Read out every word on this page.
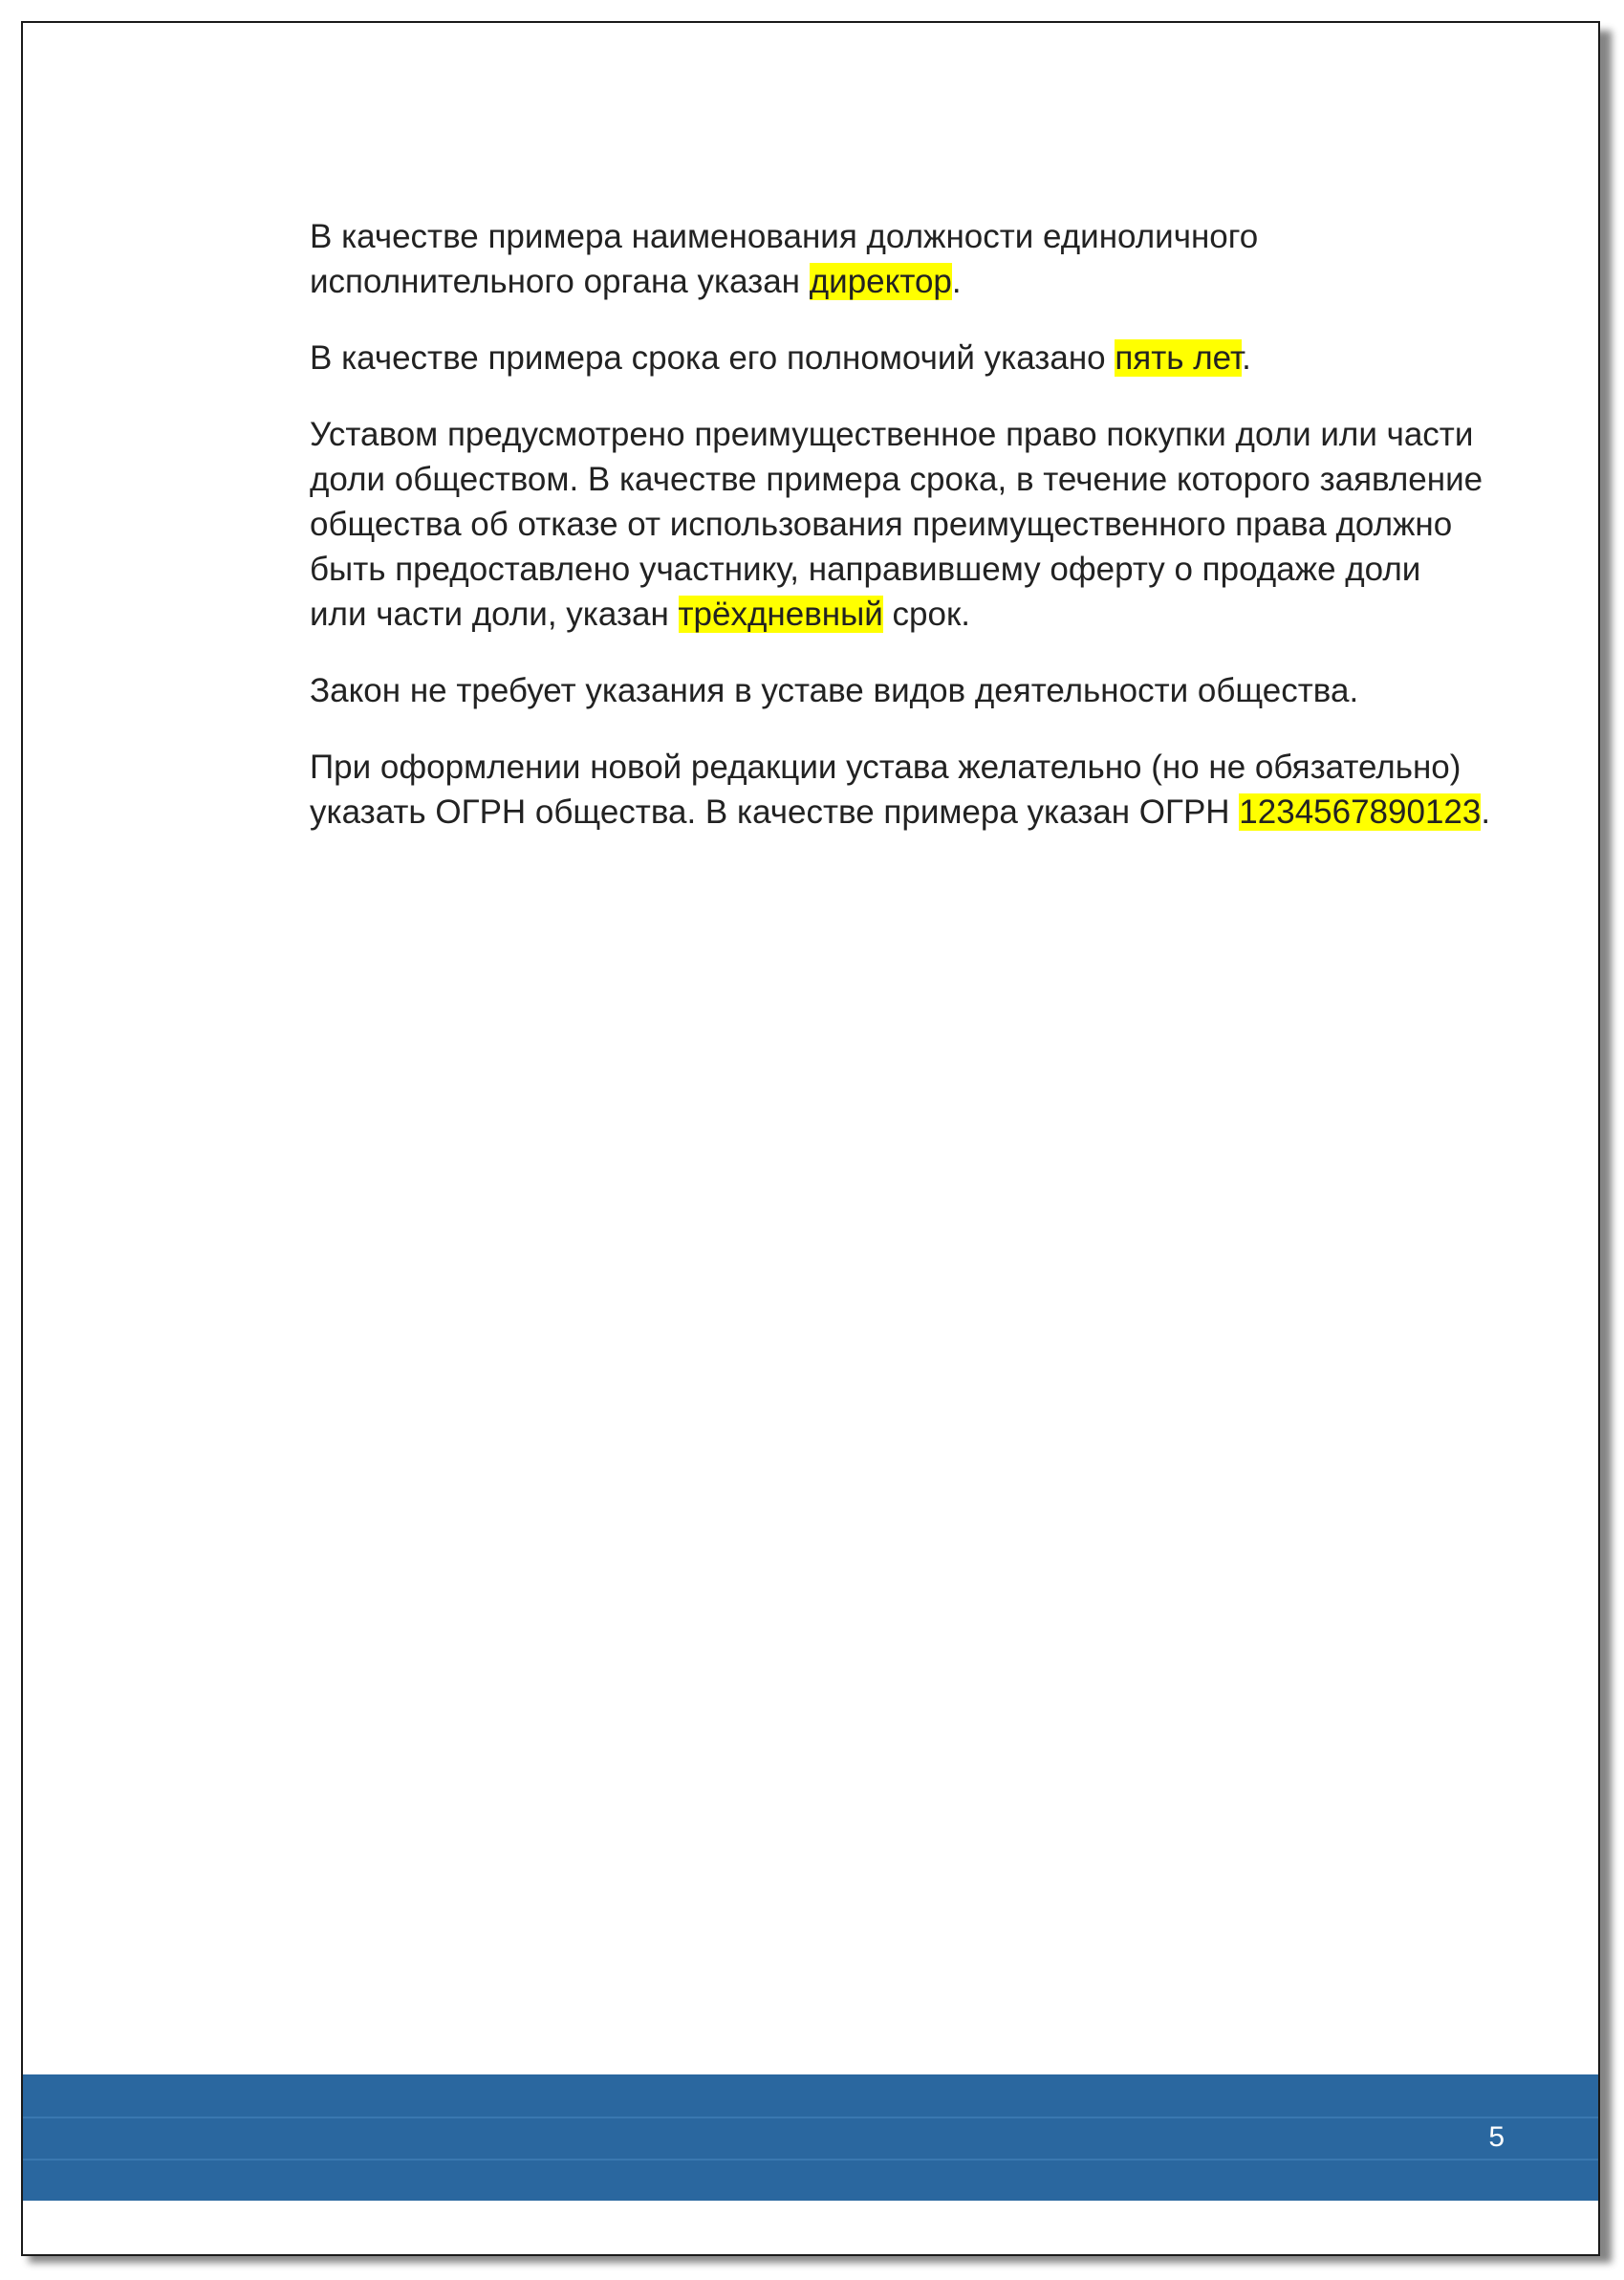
В качестве примера наименования должности единоличного
исполнительного органа указан директор.

В качестве примера срока его полномочий указано пять лет.

Уставом предусмотрено преимущественное право покупки доли или части
доли обществом. В качестве примера срока, в течение которого заявление
общества об отказе от использования преимущественного права должно
быть предоставлено участнику, направившему оферту о продаже доли
или части доли, указан трёхдневный срок.

Закон не требует указания в уставе видов деятельности общества.

При оформлении новой редакции устава желательно (но не обязательно)
указать ОГРН общества. В качестве примера указан ОГРН 1234567890123.

5
